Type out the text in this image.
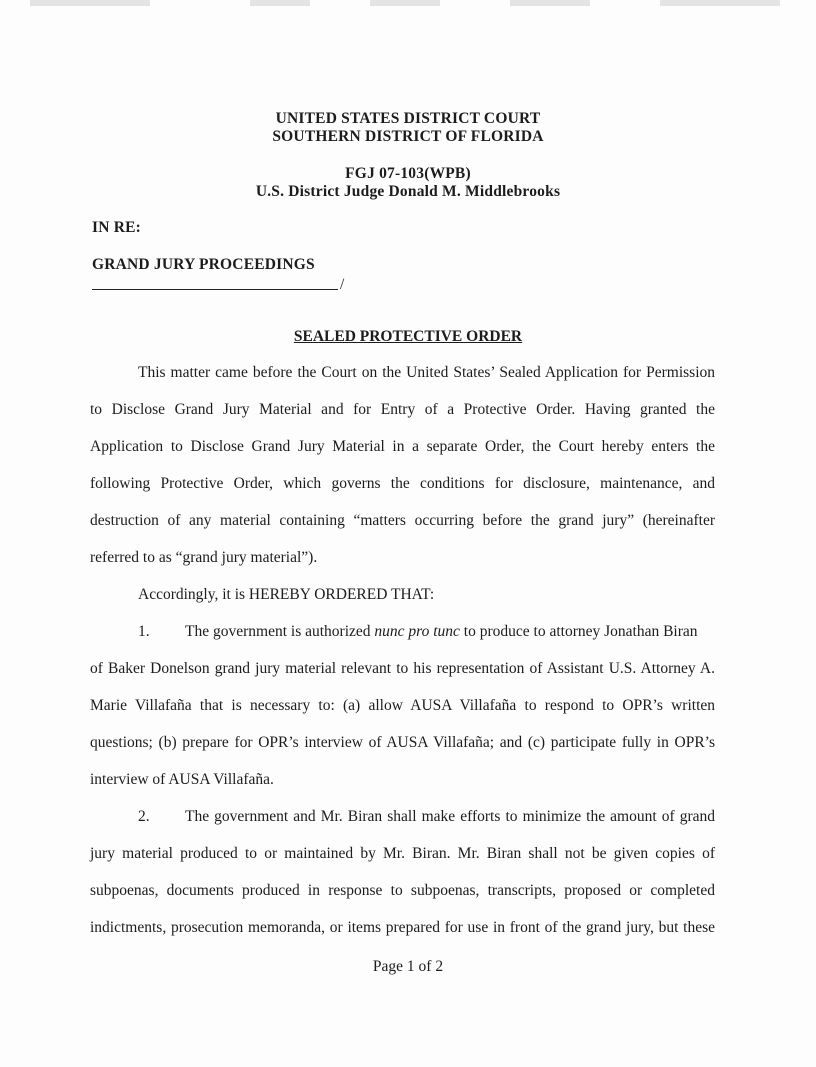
UNITED STATES DISTRICT COURT
SOUTHERN DISTRICT OF FLORIDA
FGJ 07-103(WPB)
U.S. District Judge Donald M. Middlebrooks
IN RE:
GRAND JURY PROCEEDINGS
/
SEALED PROTECTIVE ORDER
This matter came before the Court on the United States’ Sealed Application for Permission
to Disclose Grand Jury Material and for Entry of a Protective Order. Having granted the
Application to Disclose Grand Jury Material in a separate Order, the Court hereby enters the
following Protective Order, which governs the conditions for disclosure, maintenance, and
destruction of any material containing “matters occurring before the grand jury” (hereinafter
referred to as “grand jury material”).
Accordingly, it is HEREBY ORDERED THAT:
1.	The government is authorized nunc pro tunc to produce to attorney Jonathan Biran
of Baker Donelson grand jury material relevant to his representation of Assistant U.S. Attorney A.
Marie Villafaña that is necessary to: (a) allow AUSA Villafaña to respond to OPR’s written
questions; (b) prepare for OPR’s interview of AUSA Villafaña; and (c) participate fully in OPR’s
interview of AUSA Villafaña.
2.	The government and Mr. Biran shall make efforts to minimize the amount of grand
jury material produced to or maintained by Mr. Biran. Mr. Biran shall not be given copies of
subpoenas, documents produced in response to subpoenas, transcripts, proposed or completed
indictments, prosecution memoranda, or items prepared for use in front of the grand jury, but these
Page 1 of 2
